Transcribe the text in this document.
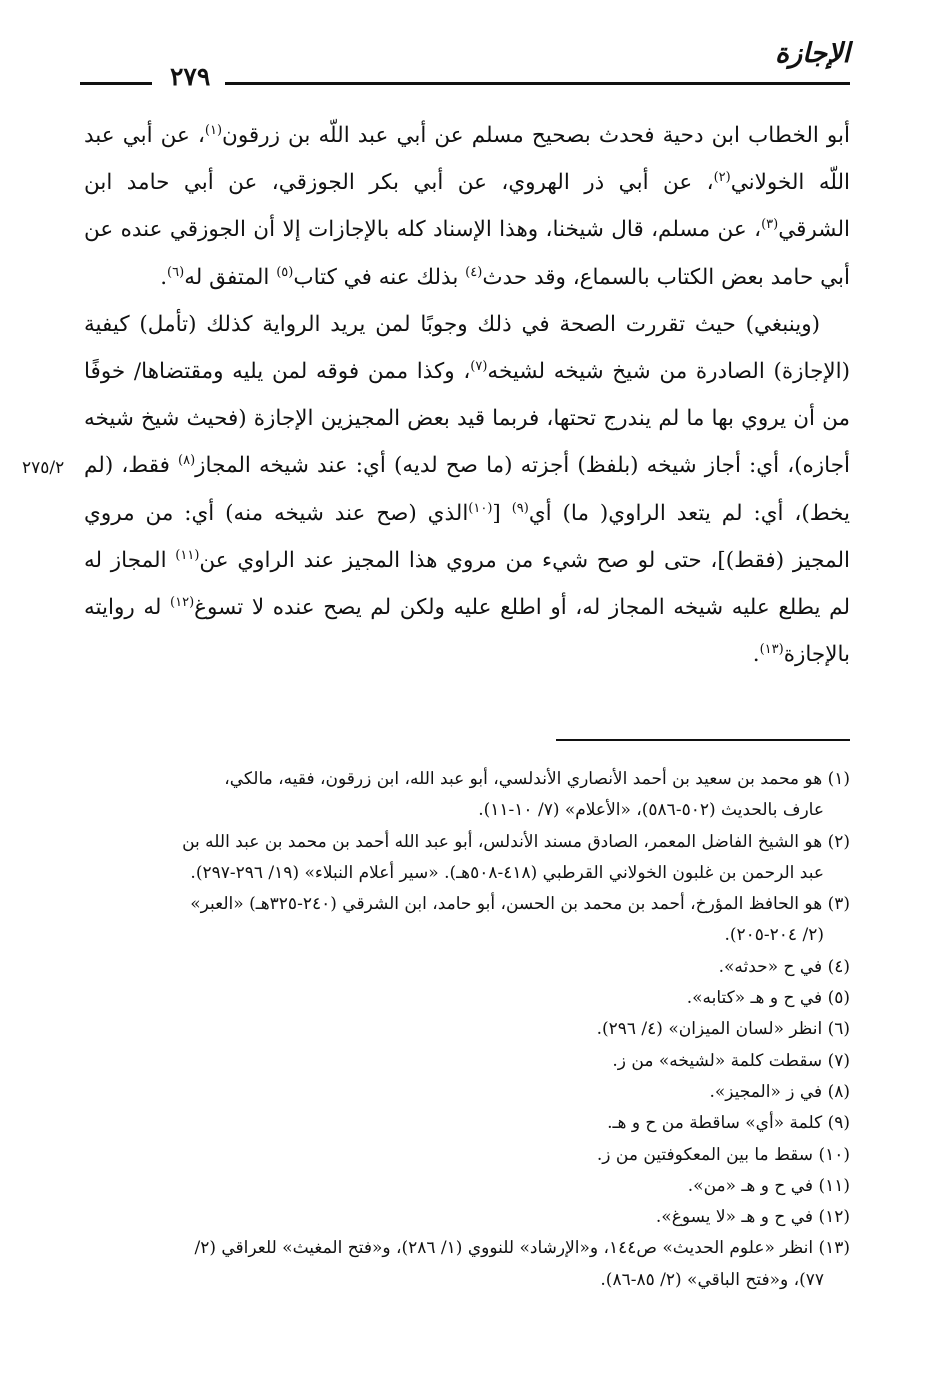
الإجازة
٢٧٩
٢٧٥/٢

أبو الخطاب ابن دحية فحدث بصحيح مسلم عن أبي عبد اللّه بن زرقون$^{(١)}$، عن أبي عبد اللّه الخولاني$^{(٢)}$، عن أبي ذر الهروي، عن أبي بكر الجوزقي، عن أبي حامد ابن الشرقي$^{(٣)}$، عن مسلم، قال شيخنا، وهذا الإسناد كله بالإجازات إلا أن الجوزقي عنده عن أبي حامد بعض الكتاب بالسماع، وقد حدث$^{(٤)}$ بذلك عنه في كتاب$^{(٥)}$ المتفق له$^{(٦)}$.

(وينبغي) حيث تقررت الصحة في ذلك وجوبًا لمن يريد الرواية كذلك (تأمل) كيفية (الإجازة) الصادرة من شيخ شيخه لشيخه$^{(٧)}$، وكذا ممن فوقه لمن يليه ومقتضاها/ خوفًا من أن يروي بها ما لم يندرج تحتها، فربما قيد بعض المجيزين الإجازة (فحيث شيخ شيخه أجازه)، أي: أجاز شيخه (بلفظ) أجزته (ما صح لديه) أي: عند شيخه المجاز$^{(٨)}$ فقط، (لم يخط)، أي: لم يتعد الراوي( ما) أي$^{(٩)}$ [$^{(١٠)}$الذي (صح عند شيخه منه) أي: من مروي المجيز (فقط)]، حتى لو صح شيء من مروي هذا المجيز عند الراوي عن$^{(١١)}$ المجاز له لم يطلع عليه شيخه المجاز له، أو اطلع عليه ولكن لم يصح عنده لا تسوغ$^{(١٢)}$ له روايته بالإجازة$^{(١٣)}$.

(١) هو محمد بن سعيد بن أحمد الأنصاري الأندلسي، أبو عبد الله، ابن زرقون، فقيه، مالكي،
عارف بالحديث (٥٠٢-٥٨٦)، «الأعلام» (٧/ ١٠-١١).
(٢) هو الشيخ الفاضل المعمر، الصادق مسند الأندلس، أبو عبد الله أحمد بن محمد بن عبد الله بن
عبد الرحمن بن غلبون الخولاني القرطبي (٤١٨-٥٠٨هـ). «سير أعلام النبلاء» (١٩/ ٢٩٦-٢٩٧).
(٣) هو الحافظ المؤرخ، أحمد بن محمد بن الحسن، أبو حامد، ابن الشرقي (٢٤٠-٣٢٥هـ) «العبر»
(٢/ ٢٠٤-٢٠٥).
(٤) في ح «حدثه».
(٥) في ح و هـ «كتابه».
(٦) انظر «لسان الميزان» (٤/ ٢٩٦).
(٧) سقطت كلمة «لشيخه» من ز.
(٨) في ز «المجيز».
(٩) كلمة «أي» ساقطة من ح و هـ.
(١٠) سقط ما بين المعكوفتين من ز.
(١١) في ح و هـ «من».
(١٢) في ح و هـ «لا يسوغ».
(١٣) انظر «علوم الحديث» ص١٤٤، و«الإرشاد» للنووي (١/ ٢٨٦)، و«فتح المغيث» للعراقي (٢/
٧٧)، و«فتح الباقي» (٢/ ٨٥-٨٦).
